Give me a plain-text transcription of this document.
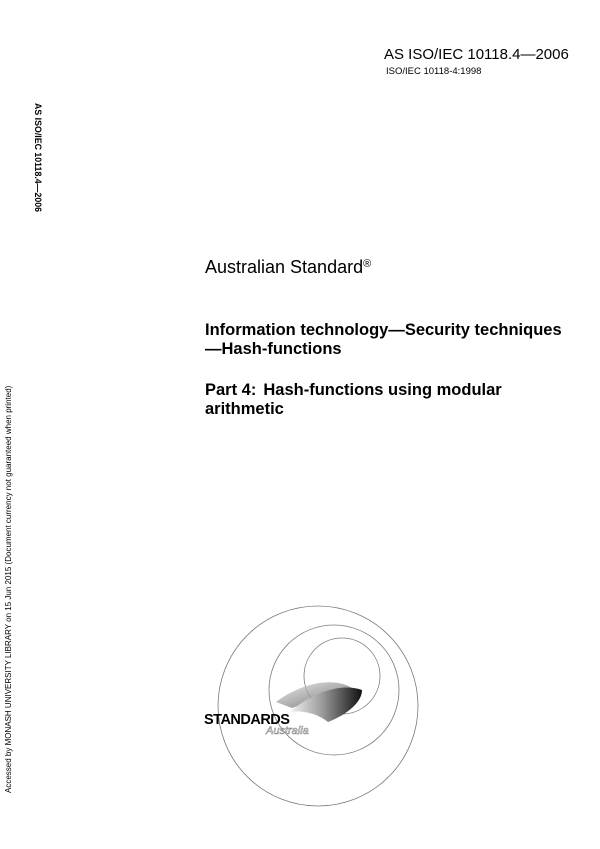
AS ISO/IEC 10118.4—2006
ISO/IEC 10118-4:1998
AS ISO/IEC 10118.4—2006
Accessed by MONASH UNIVERSITY LIBRARY on 15 Jun 2015 (Document currency not guaranteed when printed)
Australian Standard®
Information technology—Security techniques—Hash-functions
Part 4: Hash-functions using modular arithmetic
STANDARDS
Australia
